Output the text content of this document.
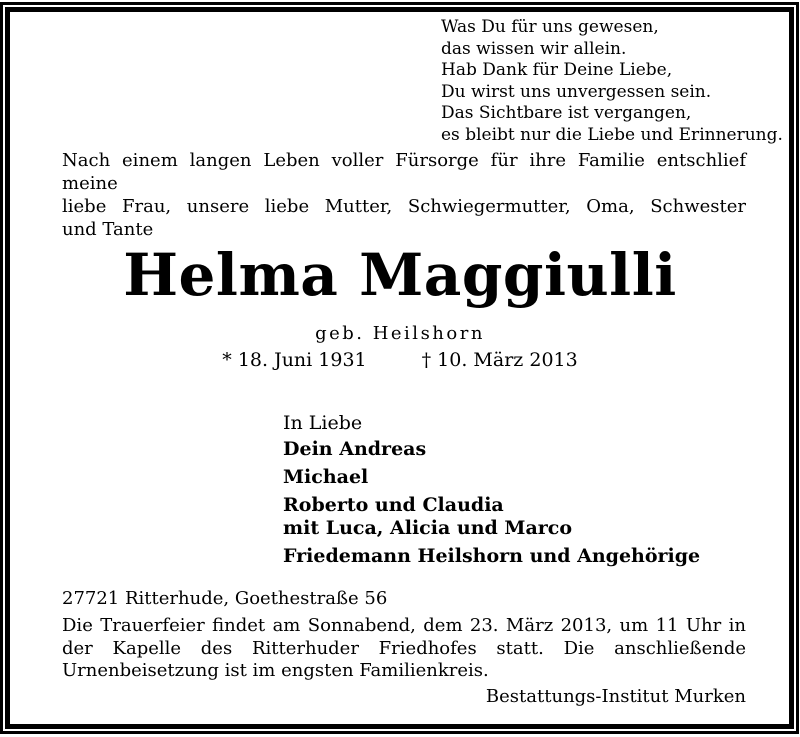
Was Du für uns gewesen,
das wissen wir allein.
Hab Dank für Deine Liebe,
Du wirst uns unvergessen sein.
Das Sichtbare ist vergangen,
es bleibt nur die Liebe und Erinnerung.
Nach einem langen Leben voller Fürsorge für ihre Familie entschlief meine
liebe Frau, unsere liebe Mutter, Schwiegermutter, Oma, Schwester
und Tante
Helma Maggiulli
geb. Heilshorn
* 18. Juni 1931	† 10. März 2013
In Liebe
Dein Andreas
Michael
Roberto und Claudia
mit Luca, Alicia und Marco
Friedemann Heilshorn und Angehörige
27721 Ritterhude, Goethestraße 56
Die Trauerfeier findet am Sonnabend, dem 23. März 2013, um 11 Uhr in
der Kapelle des Ritterhuder Friedhofes statt. Die anschließende
Urnenbeisetzung ist im engsten Familienkreis.
Bestattungs-Institut Murken
